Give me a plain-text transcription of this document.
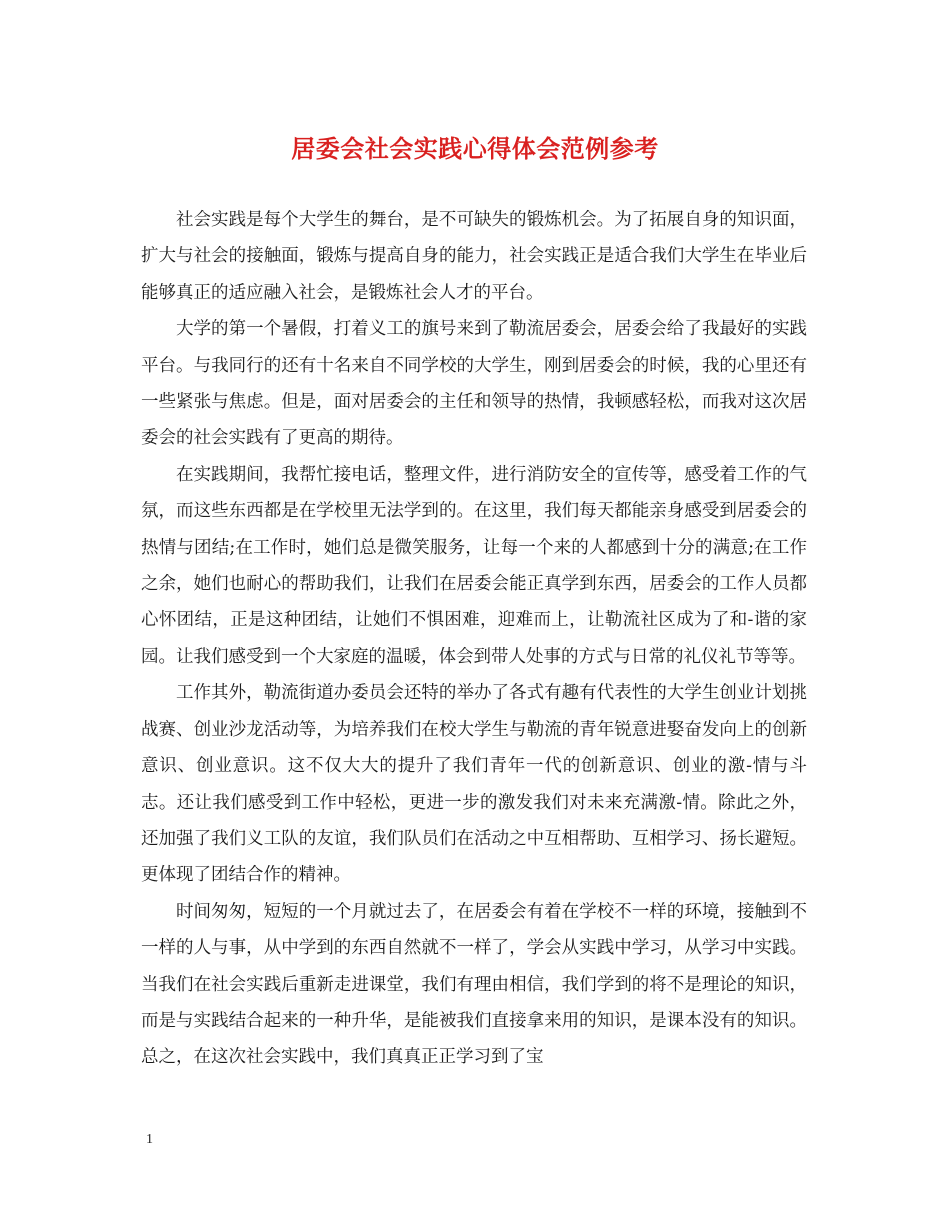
居委会社会实践心得体会范例参考

社会实践是每个大学生的舞台，是不可缺失的锻炼机会。为了拓展自身的知识面，扩大与社会的接触面，锻炼与提高自身的能力，社会实践正是适合我们大学生在毕业后能够真正的适应融入社会，是锻炼社会人才的平台。

大学的第一个暑假，打着义工的旗号来到了勒流居委会，居委会给了我最好的实践平台。与我同行的还有十名来自不同学校的大学生，刚到居委会的时候，我的心里还有一些紧张与焦虑。但是，面对居委会的主任和领导的热情，我顿感轻松，而我对这次居委会的社会实践有了更高的期待。

在实践期间，我帮忙接电话，整理文件，进行消防安全的宣传等，感受着工作的气氛，而这些东西都是在学校里无法学到的。在这里，我们每天都能亲身感受到居委会的热情与团结;在工作时，她们总是微笑服务，让每一个来的人都感到十分的满意;在工作之余，她们也耐心的帮助我们，让我们在居委会能正真学到东西，居委会的工作人员都心怀团结，正是这种团结，让她们不惧困难，迎难而上，让勒流社区成为了和-谐的家园。让我们感受到一个大家庭的温暖，体会到带人处事的方式与日常的礼仪礼节等等。

工作其外，勒流街道办委员会还特的举办了各式有趣有代表性的大学生创业计划挑战赛、创业沙龙活动等，为培养我们在校大学生与勒流的青年锐意进娶奋发向上的创新意识、创业意识。这不仅大大的提升了我们青年一代的创新意识、创业的激-情与斗志。还让我们感受到工作中轻松，更进一步的激发我们对未来充满激-情。除此之外，还加强了我们义工队的友谊，我们队员们在活动之中互相帮助、互相学习、扬长避短。更体现了团结合作的精神。

时间匆匆，短短的一个月就过去了，在居委会有着在学校不一样的环境，接触到不一样的人与事，从中学到的东西自然就不一样了，学会从实践中学习，从学习中实践。当我们在社会实践后重新走进课堂，我们有理由相信，我们学到的将不是理论的知识，而是与实践结合起来的一种升华，是能被我们直接拿来用的知识，是课本没有的知识。总之，在这次社会实践中，我们真真正正学习到了宝

1
